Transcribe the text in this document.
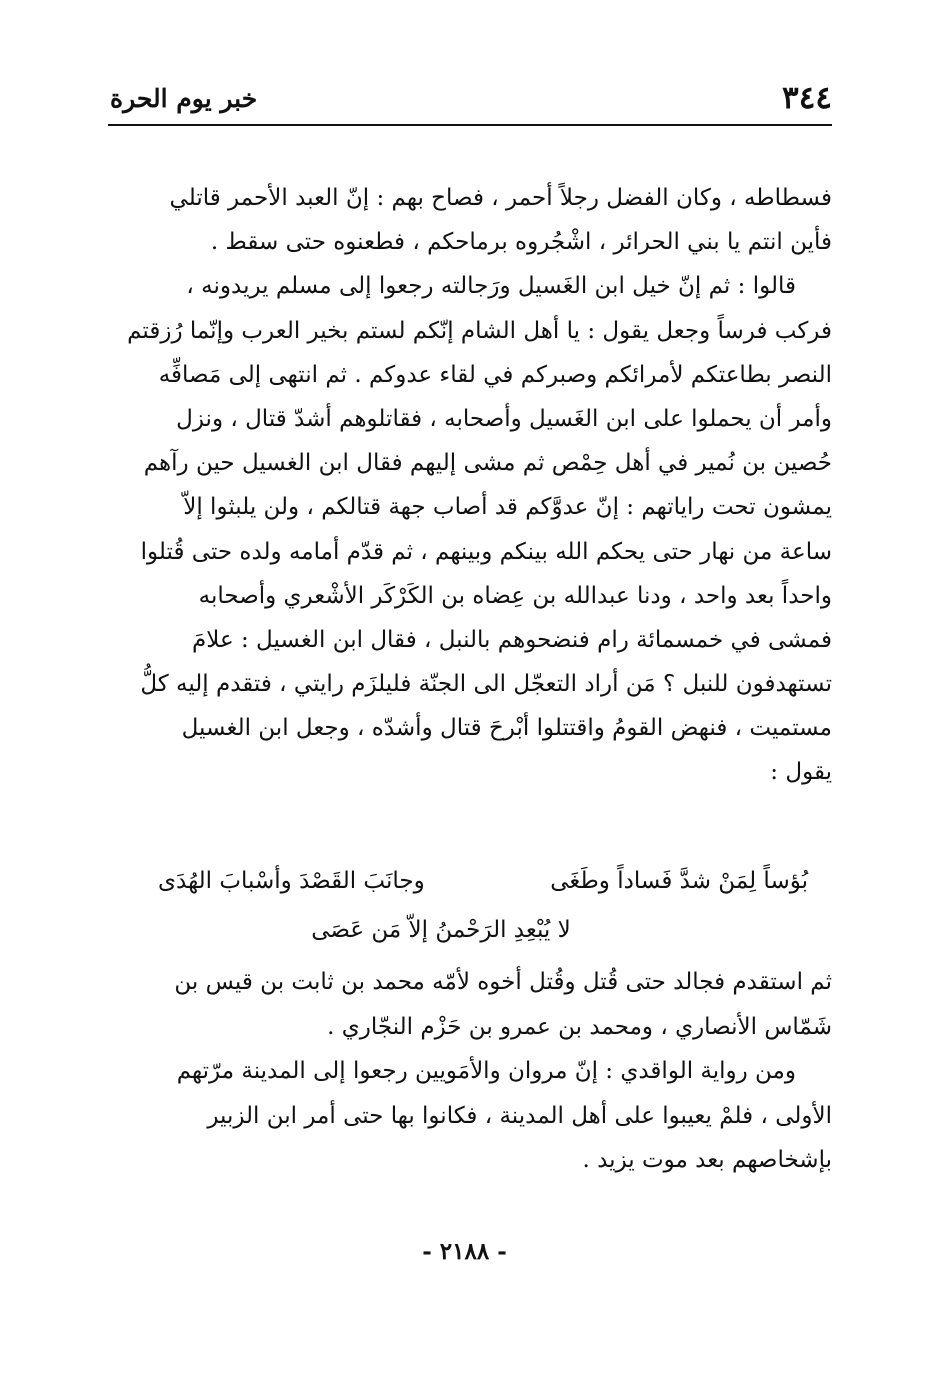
٣٤٤
خبر يوم الحرة
فسطاطه ، وكان الفضل رجلاً أحمر ، فصاح بهم : إنّ العبد الأحمر قاتلي
فأين انتم يا بني الحرائر ، اشْجُروه برماحكم ، فطعنوه حتى سقط .
قالوا : ثم إنّ خيل ابن الغَسيل ورَجالته رجعوا إلى مسلم يريدونه ،
فركب فرساً وجعل يقول : يا أهل الشام إنّكم لستم بخير العرب وإنّما رُزقتم
النصر بطاعتكم لأمرائكم وصبركم في لقاء عدوكم . ثم انتهى إلى مَصافِّه
وأمر أن يحملوا على ابن الغَسيل وأصحابه ، فقاتلوهم أشدّ قتال ، ونزل
حُصين بن نُمير في أهل حِمْص ثم مشى إليهم فقال ابن الغسيل حين رآهم
يمشون تحت راياتهم : إنّ عدوَّكم قد أصاب جهة قتالكم ، ولن يلبثوا إلاّ
ساعة من نهار حتى يحكم الله بينكم وبينهم ، ثم قدّم أمامه ولده حتى قُتلوا
واحداً بعد واحد ، ودنا عبدالله بن عِضاه بن الكَرْكَر الأشْعري وأصحابه
فمشى في خمسمائة رام فنضحوهم بالنبل ، فقال ابن الغسيل : علامَ
تستهدفون للنبل ؟ مَن أراد التعجّل الى الجنّة فليلزَم رايتي ، فتقدم إليه كلُّ
مستميت ، فنهض القومُ واقتتلوا أبْرحَ قتال وأشدّه ، وجعل ابن الغسيل
يقول :
بُؤساً لِمَنْ شدَّ فَساداً وطَغَى
وجانَبَ القَصْدَ وأسْبابَ الهُدَى
لا يُبْعِدِ الرَحْمنُ إلاّ مَن عَصَى
ثم استقدم فجالد حتى قُتل وقُتل أخوه لأمّه محمد بن ثابت بن قيس بن
شَمّاس الأنصاري ، ومحمد بن عمرو بن حَزْم النجّاري .
ومن رواية الواقدي : إنّ مروان والأمَويين رجعوا إلى المدينة مرّتهم
الأولى ، فلمْ يعيبوا على أهل المدينة ، فكانوا بها حتى أمر ابن الزبير
بإشخاصهم بعد موت يزيد .
- ٢١٨٨ -
